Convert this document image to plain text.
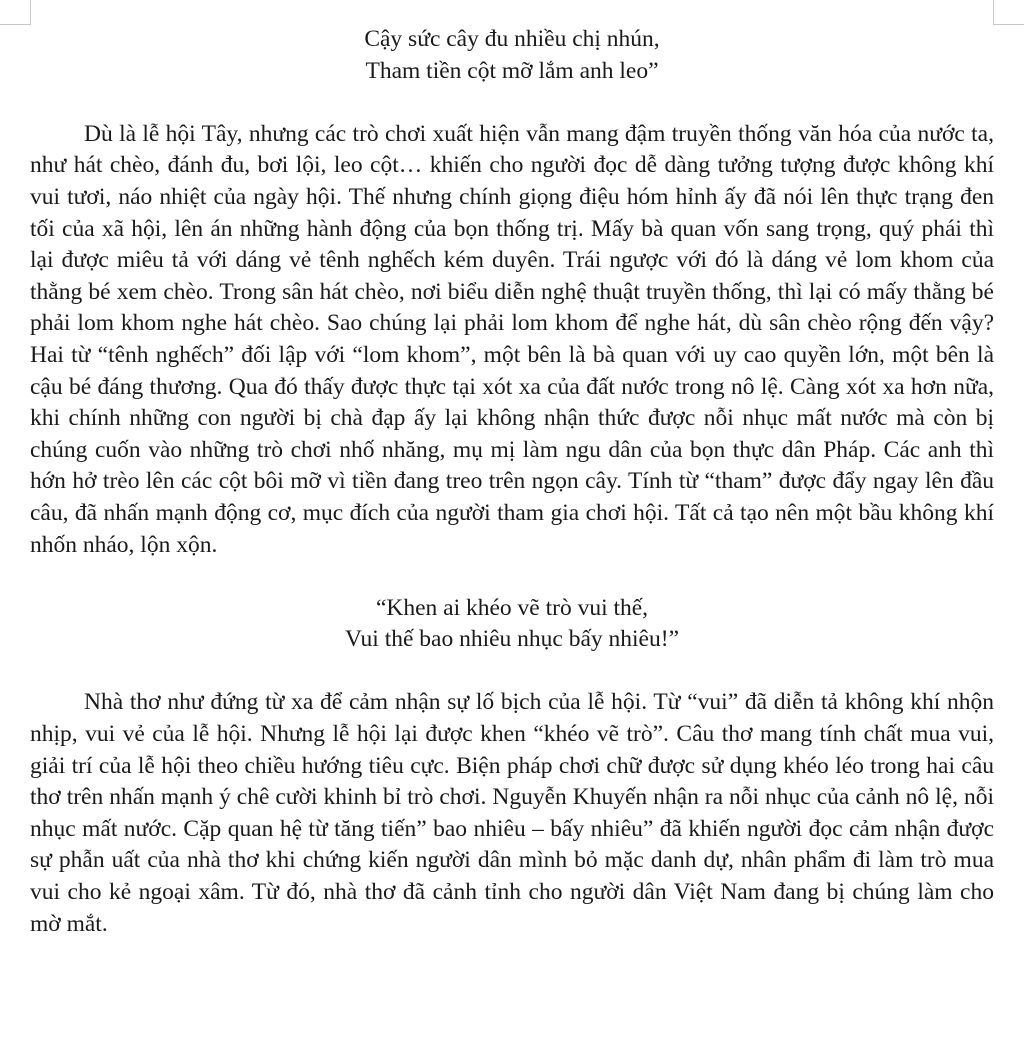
Cậy sức cây đu nhiều chị nhún,
Tham tiền cột mỡ lắm anh leo”

Dù là lễ hội Tây, nhưng các trò chơi xuất hiện vẫn mang đậm truyền thống văn hóa của nước ta, như hát chèo, đánh đu, bơi lội, leo cột… khiến cho người đọc dễ dàng tưởng tượng được không khí vui tươi, náo nhiệt của ngày hội. Thế nhưng chính giọng điệu hóm hỉnh ấy đã nói lên thực trạng đen tối của xã hội, lên án những hành động của bọn thống trị. Mấy bà quan vốn sang trọng, quý phái thì lại được miêu tả với dáng vẻ tênh nghếch kém duyên. Trái ngược với đó là dáng vẻ lom khom của thằng bé xem chèo. Trong sân hát chèo, nơi biểu diễn nghệ thuật truyền thống, thì lại có mấy thằng bé phải lom khom nghe hát chèo. Sao chúng lại phải lom khom để nghe hát, dù sân chèo rộng đến vậy? Hai từ “tênh nghếch” đối lập với “lom khom”, một bên là bà quan với uy cao quyền lớn, một bên là cậu bé đáng thương. Qua đó thấy được thực tại xót xa của đất nước trong nô lệ. Càng xót xa hơn nữa, khi chính những con người bị chà đạp ấy lại không nhận thức được nỗi nhục mất nước mà còn bị chúng cuốn vào những trò chơi nhố nhăng, mụ mị làm ngu dân của bọn thực dân Pháp. Các anh thì hớn hở trèo lên các cột bôi mỡ vì tiền đang treo trên ngọn cây. Tính từ “tham” được đẩy ngay lên đầu câu, đã nhấn mạnh động cơ, mục đích của người tham gia chơi hội. Tất cả tạo nên một bầu không khí nhốn nháo, lộn xộn.

“Khen ai khéo vẽ trò vui thế,
Vui thế bao nhiêu nhục bấy nhiêu!”

Nhà thơ như đứng từ xa để cảm nhận sự lố bịch của lễ hội. Từ “vui” đã diễn tả không khí nhộn nhịp, vui vẻ của lễ hội. Nhưng lễ hội lại được khen “khéo vẽ trò”. Câu thơ mang tính chất mua vui, giải trí của lễ hội theo chiều hướng tiêu cực. Biện pháp chơi chữ được sử dụng khéo léo trong hai câu thơ trên nhấn mạnh ý chê cười khinh bỉ trò chơi. Nguyễn Khuyến nhận ra nỗi nhục của cảnh nô lệ, nỗi nhục mất nước. Cặp quan hệ từ tăng tiến” bao nhiêu – bấy nhiêu” đã khiến người đọc cảm nhận được sự phẫn uất của nhà thơ khi chứng kiến người dân mình bỏ mặc danh dự, nhân phẩm đi làm trò mua vui cho kẻ ngoại xâm. Từ đó, nhà thơ đã cảnh tỉnh cho người dân Việt Nam đang bị chúng làm cho mờ mắt.
